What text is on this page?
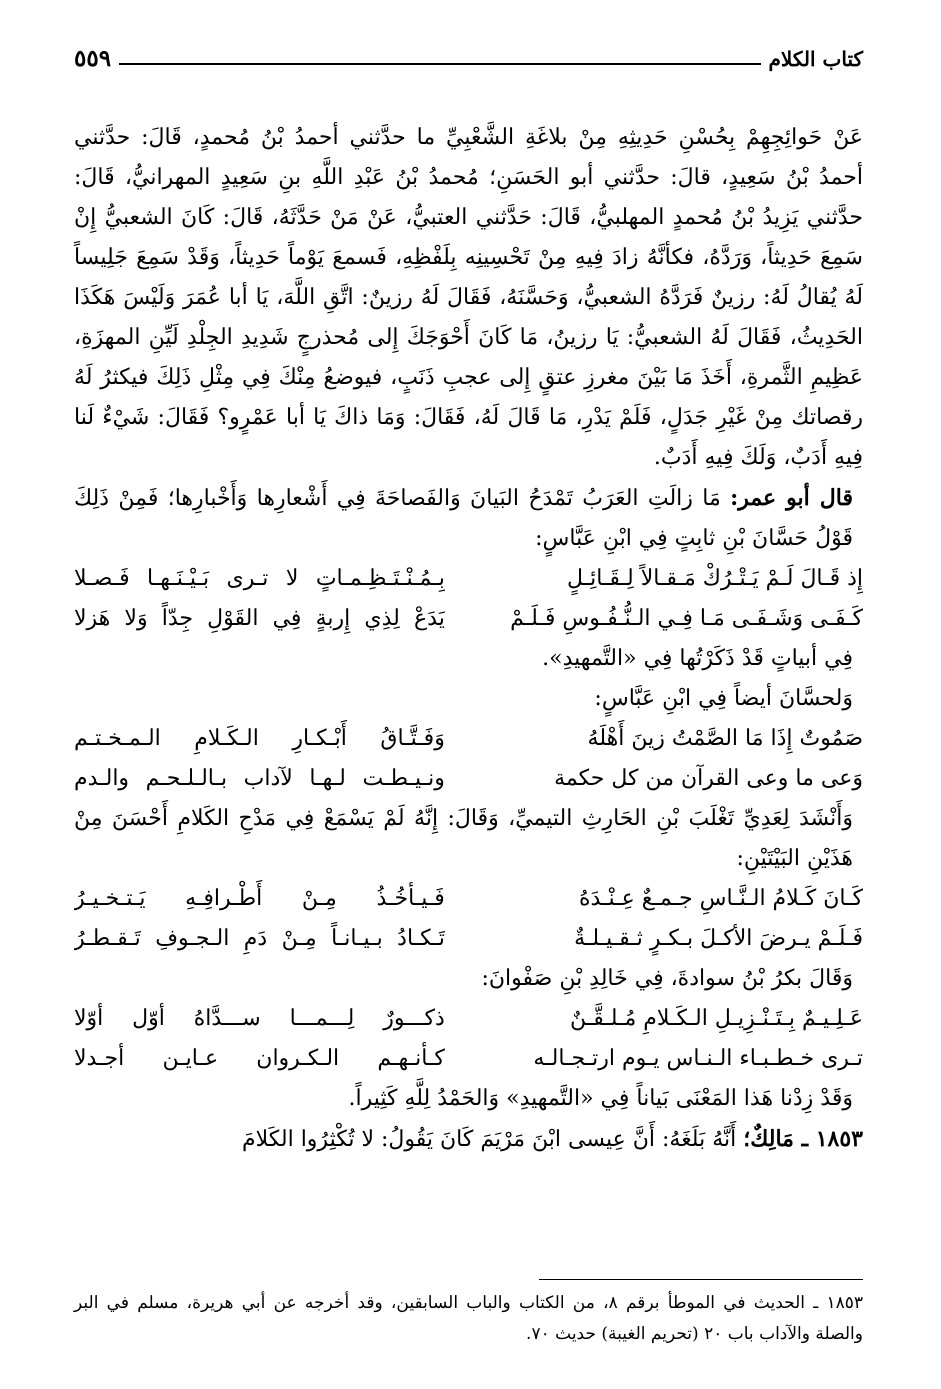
٥٥٩	كتاب الكلام

عَنْ حَوائِجِهِمْ بِحُسْنِ حَدِيثِهِ مِنْ بلاغَةِ الشَّعْبِيِّ ما حدَّثني أحمدُ بْنُ مُحمدٍ، قَالَ: حدَّثني أحمدُ بْنُ سَعِيدٍ، قالَ: حدَّثني أبو الحَسَنِ؛ مُحمدُ بْنُ عَبْدِ اللَّهِ بنِ سَعِيدٍ المهرانيُّ، قَالَ: حدَّثني يَزِيدُ بْنُ مُحمدٍ المهلبيُّ، قَالَ: حَدَّثني العتبيُّ، عَنْ مَنْ حَدَّثَهُ، قَالَ: كَانَ الشعبيُّ إِنْ سَمِعَ حَدِيثاً، وَرَدَّهُ، فكأنَّهُ زادَ فِيهِ مِنْ تَحْسِينِه بِلَفْظِهِ، فَسمعَ يَوْماً حَدِيثاً، وَقَدْ سَمِعَ جَلِيساً لَهُ يُقالُ لَهُ: رزينٌ فَرَدَّهُ الشعبيُّ، وَحَسَّنَهُ، فَقَالَ لَهُ رزينٌ: اتَّقِ اللَّهَ، يَا أبا عُمَرَ وَلَيْسَ هَكَذَا الحَدِيثُ، فَقَالَ لَهُ الشعبيُّ: يَا رزينُ، مَا كَانَ أَحْوَجَكَ إِلى مُحذرجٍ شَدِيدِ الجِلْدِ لَيِّنِ المهزَةِ، عَظِيمِ الثَّمرةِ، أَخَذَ مَا بَيْنَ مغرزِ عتقٍ إِلى عجبِ ذَنَبٍ، فيوضعُ مِنْكَ فِي مِثْلِ ذَلِكَ فيكثرُ لَهُ رقصاتك مِنْ غَيْرِ جَدَلٍ، فَلَمْ يَدْرِ، مَا قَالَ لَهُ، فَقَالَ: وَمَا ذاكَ يَا أبا عَمْرٍو؟ فَقَالَ: شَيْءٌ لَنا فِيهِ أَدَبٌ، وَلَكَ فِيهِ أَدَبٌ.

قال أبو عمر: مَا زالَتِ العَرَبُ تَمْدَحُ البَيانَ وَالفَصاحَةَ فِي أَشْعارِها وَأَخْبارِها؛ فَمِنْ ذَلِكَ قَوْلُ حَسَّانَ بْنِ ثابِتٍ فِي ابْنِ عَبَّاسٍ:

إِذ قَـالَ لَـمْ يَـتْـرُكْ مَـقـالاً لِـقَـائِـلٍ
بِـمُـنْـتَـظِـمـاتٍ لا تـرى بَـيْـنَـهـا فَـصـلا
كَـفَـى وَشَـفَـى مَـا فِـي الـنُّـفُـوسِ فَـلَـمْ
يَدَعْ لِذِي إِربةٍ فِي القَوْلِ جِدّاً وَلا هَزلا

فِي أبياتٍ قَدْ ذَكَرْتُها فِي «التَّمهيدِ».

وَلحسَّانَ أيضاً فِي ابْنِ عَبَّاسٍ:

صَمُوتٌ إِذَا مَا الصَّمْتُ زينَ أَهْلَهُ
وَفَـتَّـاقُ أَبْـكـارِ الـكَـلامِ الـمـخـتـم
وَعى ما وعى القرآن من كل حكمة
ونـيـطـت لـهـا لآداب بـالـلـحـم والـدم

وَأَنْشَدَ لِعَدِيِّ تَغْلَبَ بْنِ الحَارِثِ التيميِّ، وَقَالَ: إِنَّهُ لَمْ يَسْمَعْ فِي مَدْحِ الكَلامِ أَحْسَنَ مِنْ هَذَيْنِ البَيْتَيْنِ:

كَـانَ كَـلامُ الـنَّـاسِ جـمـعٌ عِـنْـدَهُ
فَـيـأخُـذُ مِـنْ أَطْـرافِـهِ يَـتـخـيـرُ
فَـلَـمْ يـرضَ الأكـلَ بـكـرٍ ثـقـيـلـةٌ
تَـكـادُ بـيـانـاً مِـنْ دَمِ الـجـوفِ تَـقـطـرُ

وَقَالَ بكرُ بْنُ سوادةَ، فِي خَالِدِ بْنِ صَفْوانَ:

عَـلِـيـمٌ بِـتَـنْـزِيـلِ الـكَـلامِ مُـلـقَّـنٌ
ذكـــورٌ لِـــمـــا ســـدَّاهُ أوّل أوّلا
تـرى خـطـبـاء الـنـاس يـوم ارتـجـالـه
كـأنـهـم الـكـروان عـايـن أجـدلا

وَقَدْ زِدْنا هَذا المَعْنَى بَياناً فِي «التَّمهيدِ» وَالحَمْدُ لِلَّهِ كَثِيراً.

١٨٥٣ ـ مَالِكٌ؛ أَنَّهُ بَلَغَهُ: أَنَّ عِيسى ابْنَ مَرْيَمَ كَانَ يَقُولُ: لا تُكْثِرُوا الكَلامَ

١٨٥٣ ـ الحديث في الموطأ برقم ٨، من الكتاب والباب السابقين، وقد أخرجه عن أبي هريرة، مسلم في البر والصلة والآداب باب ٢٠ (تحريم الغيبة) حديث ٧٠.
